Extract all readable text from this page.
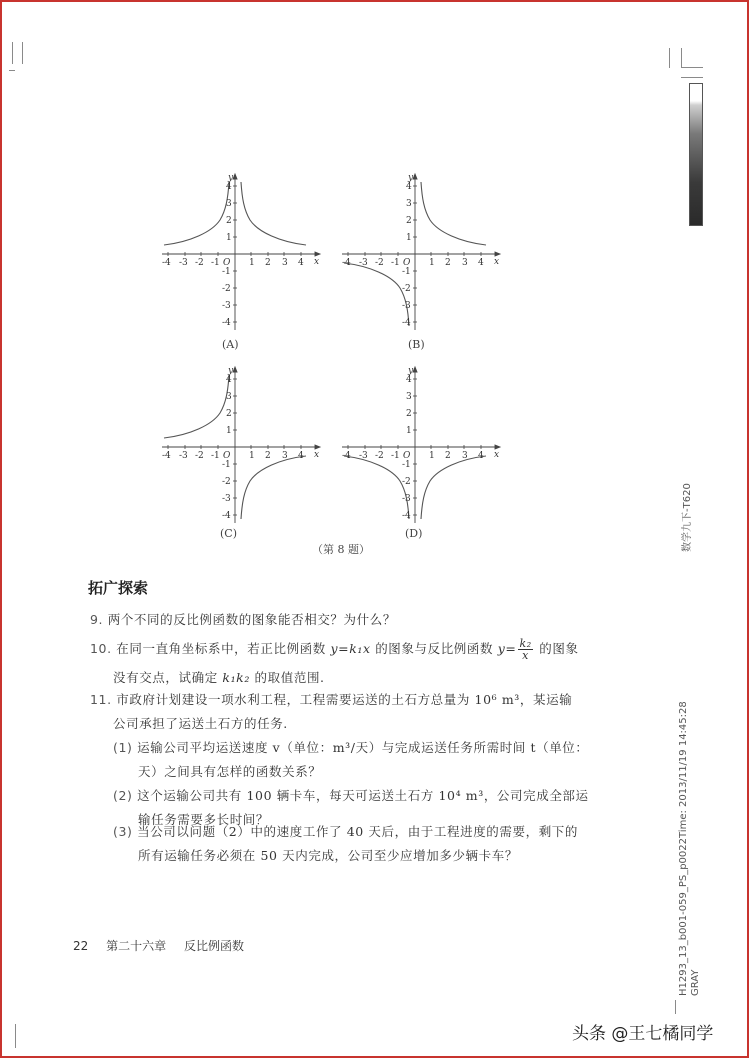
-4 -3 -2 -1 O 1 2 3 4 x
y
4
3
2
1
-1
-2
-3
-4
(A)
-4 -3 -2 -1 O 1 2 3 4 x
y
4
3
2
1
-1
-2
-3
-4
(B)
-4 -3 -2 -1 O 1 2 3 4 x
y
4
3
2
1
-1
-2
-3
-4
(C)
-4 -3 -2 -1 O 1 2 3 4 x
y
4
3
2
1
-1
-2
-3
-4
(D)
（第 8 题）
拓广探索
9. 两个不同的反比例函数的图象能否相交？为什么？
10. 在同一直角坐标系中，若正比例函数 y=k₁x 的图象与反比例函数 $y= \frac{\text{k₂}}{x}$ 的图象
没有交点，试确定 k₁k₂ 的取值范围.
11. 市政府计划建设一项水利工程，工程需要运送的土石方总量为 10⁶ m³，某运输
公司承担了运送土石方的任务.
(1) 运输公司平均运送速度 v（单位：m³/天）与完成运送任务所需时间 t（单位：
天）之间具有怎样的函数关系？
(2) 这个运输公司共有 100 辆卡车，每天可运送土石方 10⁴ m³，公司完成全部运
输任务需要多长时间？
(3) 当公司以问题（2）中的速度工作了 40 天后，由于工程进度的需要，剩下的
所有运输任务必须在 50 天内完成，公司至少应增加多少辆卡车？
22 第二十六章 反比例函数
数学九下-T620
H1293_13_b001-059_PS_p0022Time: 2013/11/19 14:45:28 GRAY
头条 @王七橘同学
